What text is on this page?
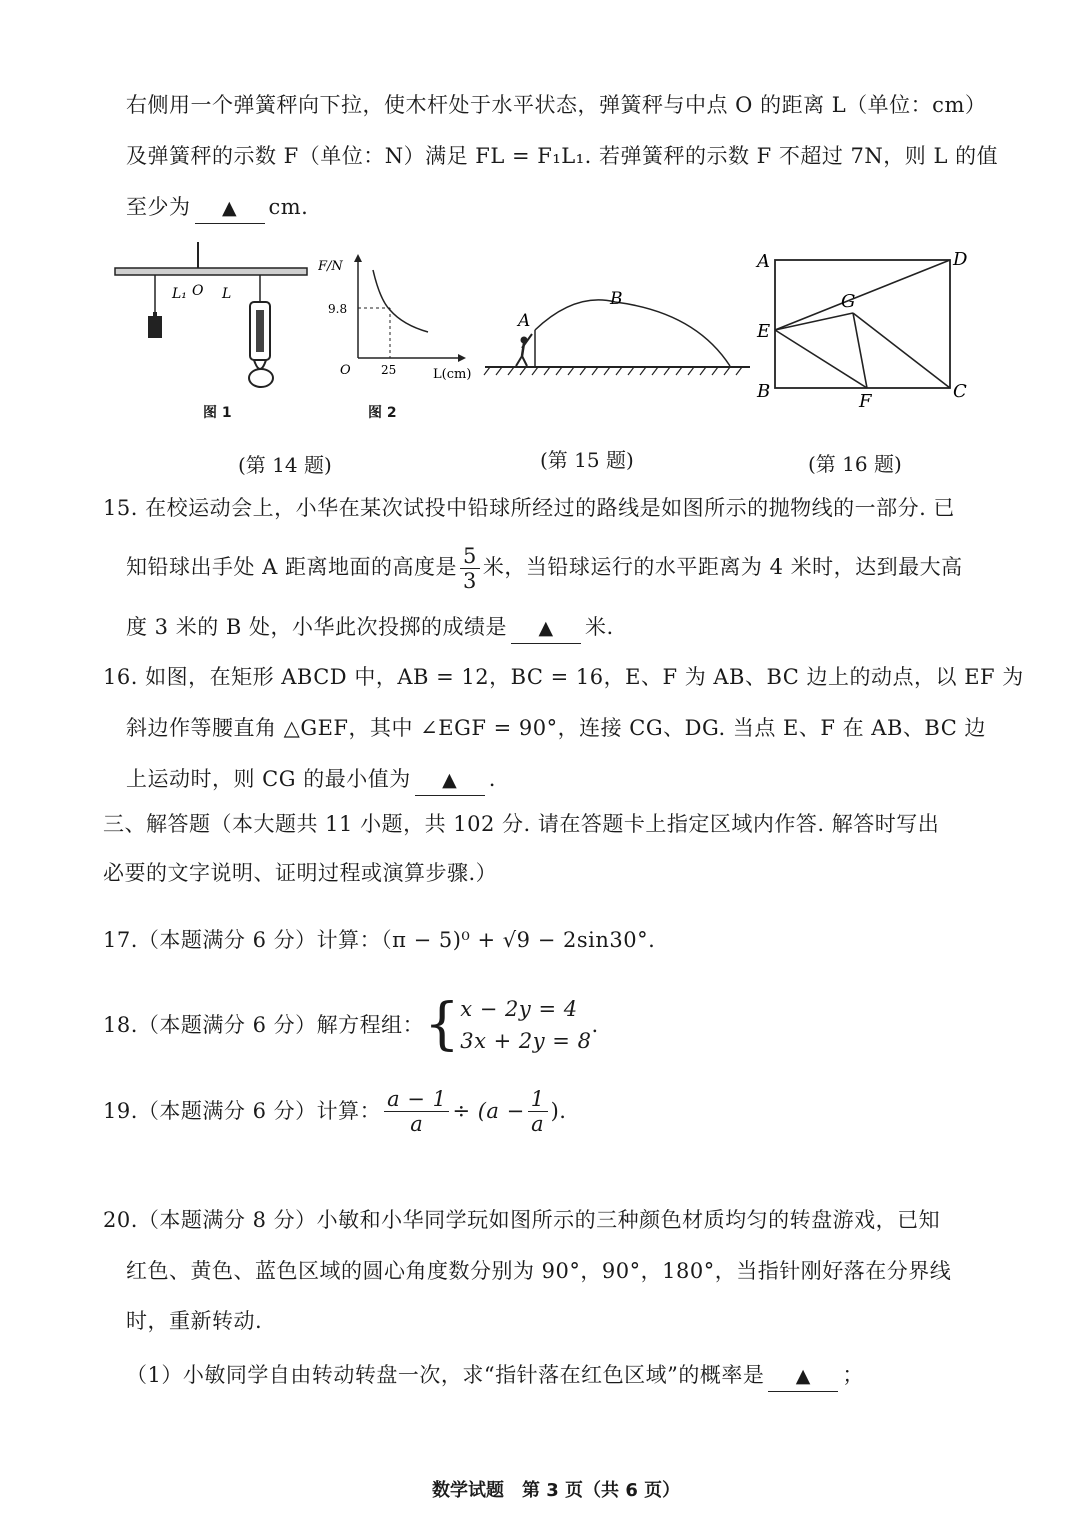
右侧用一个弹簧秤向下拉，使木杆处于水平状态，弹簧秤与中点 O 的距离 L（单位：cm）
及弹簧秤的示数 F（单位：N）满足 FL = F₁L₁. 若弹簧秤的示数 F 不超过 7N，则 L 的值
至少为 ▲ cm.
L₁ O L
图 1
F/N
9.8
O	25	L(cm)
图 2
A
B
A	D
G
E
B	F	C
(第 14 题)	(第 15 题)	(第 16 题)
15. 在校运动会上，小华在某次试投中铅球所经过的路线是如图所示的抛物线的一部分. 已
知铅球出手处 A 距离地面的高度是 $\frac{5}{3}$ 米，当铅球运行的水平距离为 4 米时，达到最大高
度 3 米的 B 处，小华此次投掷的成绩是 ▲ 米.
16. 如图，在矩形 ABCD 中，AB = 12，BC = 16，E、F 为 AB、BC 边上的动点，以 EF 为
斜边作等腰直角 △GEF，其中 ∠EGF = 90°，连接 CG、DG. 当点 E、F 在 AB、BC 边
上运动时，则 CG 的最小值为 ▲ .
三、解答题（本大题共 11 小题，共 102 分. 请在答题卡上指定区域内作答. 解答时写出
必要的文字说明、证明过程或演算步骤.）
17.（本题满分 6 分）计算：（π − 5)⁰ + √9 − 2sin30°.
18.（本题满分 6 分）解方程组： { x − 2y = 4
3x + 2y = 8
.
19.（本题满分 6 分）计算： $\frac{a - 1}{a} \div (a - \frac{1}{a}$ ).
20.（本题满分 8 分）小敏和小华同学玩如图所示的三种颜色材质均匀的转盘游戏，已知
红色、黄色、蓝色区域的圆心角度数分别为 90°，90°，180°，当指针刚好落在分界线
时，重新转动.
（1）小敏同学自由转动转盘一次，求“指针落在红色区域”的概率是 ▲ ；
数学试题　第 3 页（共 6 页）
